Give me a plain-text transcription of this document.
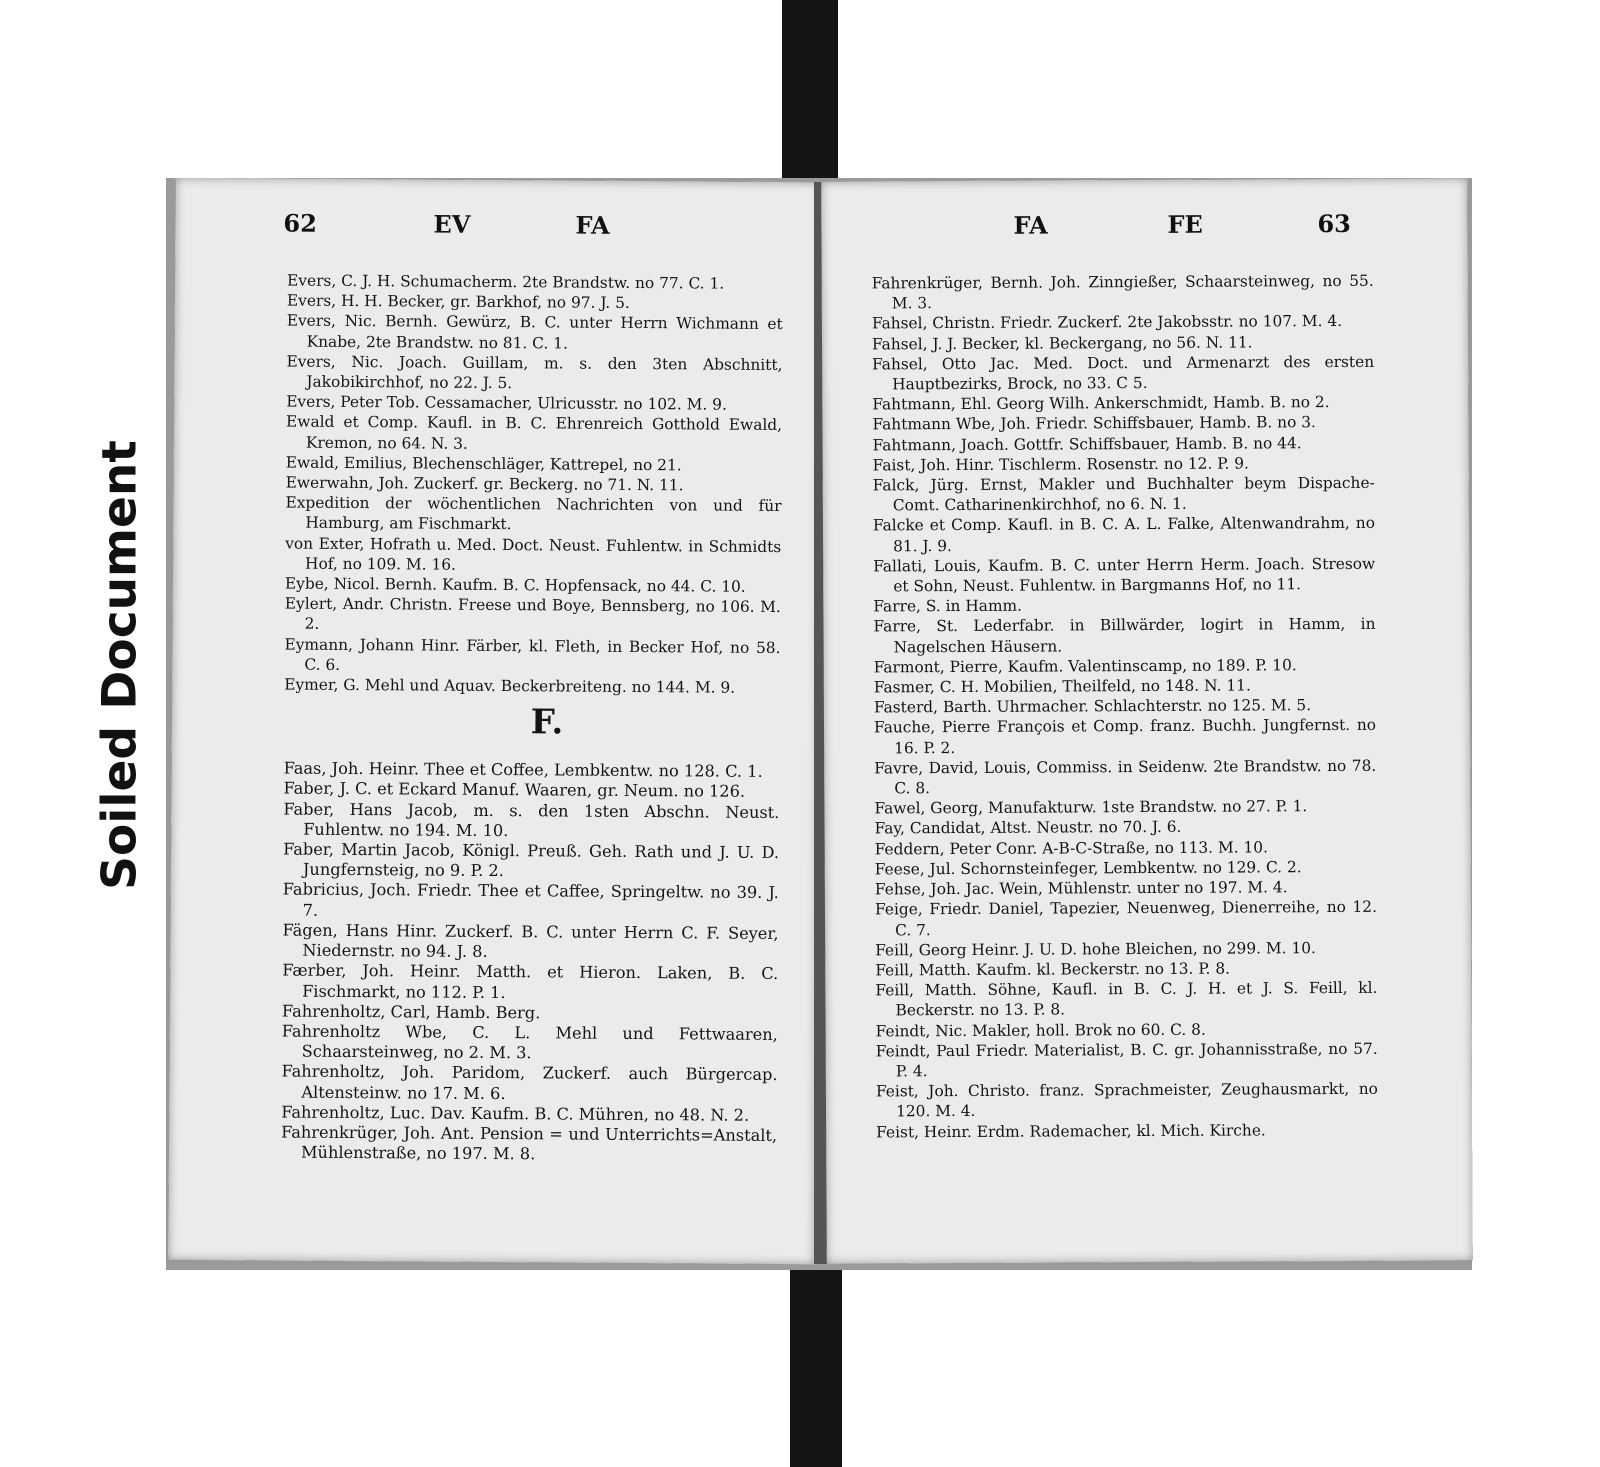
Soiled Document
62	EV	FA
Evers, C. J. H. Schumacherm. 2te Brandstw. no 77. C. 1.
Evers, H. H. Becker, gr. Barkhof, no 97. J. 5.
Evers, Nic. Bernh. Gewürz, B. C. unter Herrn Wichmann et Knabe, 2te Brandstw. no 81. C. 1.
Evers, Nic. Joach. Guillam, m. s. den 3ten Abschnitt, Jakobikirchhof, no 22. J. 5.
Evers, Peter Tob. Cessamacher, Ulricusstr. no 102. M. 9.
Ewald et Comp. Kaufl. in B. C. Ehrenreich Gotthold Ewald, Kremon, no 64. N. 3.
Ewald, Emilius, Blechenschläger, Kattrepel, no 21.
Ewerwahn, Joh. Zuckerf. gr. Beckerg. no 71. N. 11.
Expedition der wöchentlichen Nachrichten von und für Hamburg, am Fischmarkt.
von Exter, Hofrath u. Med. Doct. Neust. Fuhlentw. in Schmidts Hof, no 109. M. 16.
Eybe, Nicol. Bernh. Kaufm. B. C. Hopfensack, no 44. C. 10.
Eylert, Andr. Christn. Freese und Boye, Bennsberg, no 106. M. 2.
Eymann, Johann Hinr. Färber, kl. Fleth, in Becker Hof, no 58. C. 6.
Eymer, G. Mehl und Aquav. Beckerbreiteng. no 144. M. 9.
F.
Faas, Joh. Heinr. Thee et Coffee, Lembkentw. no 128. C. 1.
Faber, J. C. et Eckard Manuf. Waaren, gr. Neum. no 126.
Faber, Hans Jacob, m. s. den 1sten Abschn. Neust. Fuhlentw. no 194. M. 10.
Faber, Martin Jacob, Königl. Preuß. Geh. Rath und J. U. D. Jungfernsteig, no 9. P. 2.
Fabricius, Joch. Friedr. Thee et Caffee, Springeltw. no 39. J. 7.
Fägen, Hans Hinr. Zuckerf. B. C. unter Herrn C. F. Seyer, Niedernstr. no 94. J. 8.
Færber, Joh. Heinr. Matth. et Hieron. Laken, B. C. Fischmarkt, no 112. P. 1.
Fahrenholtz, Carl, Hamb. Berg.
Fahrenholtz Wbe, C. L. Mehl und Fettwaaren, Schaarsteinweg, no 2. M. 3.
Fahrenholtz, Joh. Paridom, Zuckerf. auch Bürgercap. Altensteinw. no 17. M. 6.
Fahrenholtz, Luc. Dav. Kaufm. B. C. Mühren, no 48. N. 2.
Fahrenkrüger, Joh. Ant. Pension = und Unterrichts=Anstalt, Mühlenstraße, no 197. M. 8.
FA	FE	63
Fahrenkrüger, Bernh. Joh. Zinngießer, Schaarsteinweg, no 55. M. 3.
Fahsel, Christn. Friedr. Zuckerf. 2te Jakobsstr. no 107. M. 4.
Fahsel, J. J. Becker, kl. Beckergang, no 56. N. 11.
Fahsel, Otto Jac. Med. Doct. und Armenarzt des ersten Hauptbezirks, Brock, no 33. C 5.
Fahtmann, Ehl. Georg Wilh. Ankerschmidt, Hamb. B. no 2.
Fahtmann Wbe, Joh. Friedr. Schiffsbauer, Hamb. B. no 3.
Fahtmann, Joach. Gottfr. Schiffsbauer, Hamb. B. no 44.
Faist, Joh. Hinr. Tischlerm. Rosenstr. no 12. P. 9.
Falck, Jürg. Ernst, Makler und Buchhalter beym Dispache-Comt. Catharinenkirchhof, no 6. N. 1.
Falcke et Comp. Kaufl. in B. C. A. L. Falke, Altenwandrahm, no 81. J. 9.
Fallati, Louis, Kaufm. B. C. unter Herrn Herm. Joach. Stresow et Sohn, Neust. Fuhlentw. in Bargmanns Hof, no 11.
Farre, S. in Hamm.
Farre, St. Lederfabr. in Billwärder, logirt in Hamm, in Nagelschen Häusern.
Farmont, Pierre, Kaufm. Valentinscamp, no 189. P. 10.
Fasmer, C. H. Mobilien, Theilfeld, no 148. N. 11.
Fasterd, Barth. Uhrmacher. Schlachterstr. no 125. M. 5.
Fauche, Pierre François et Comp. franz. Buchh. Jungfernst. no 16. P. 2.
Favre, David, Louis, Commiss. in Seidenw. 2te Brandstw. no 78. C. 8.
Fawel, Georg, Manufakturw. 1ste Brandstw. no 27. P. 1.
Fay, Candidat, Altst. Neustr. no 70. J. 6.
Feddern, Peter Conr. A-B-C-Straße, no 113. M. 10.
Feese, Jul. Schornsteinfeger, Lembkentw. no 129. C. 2.
Fehse, Joh. Jac. Wein, Mühlenstr. unter no 197. M. 4.
Feige, Friedr. Daniel, Tapezier, Neuenweg, Dienerreihe, no 12. C. 7.
Feill, Georg Heinr. J. U. D. hohe Bleichen, no 299. M. 10.
Feill, Matth. Kaufm. kl. Beckerstr. no 13. P. 8.
Feill, Matth. Söhne, Kaufl. in B. C. J. H. et J. S. Feill, kl. Beckerstr. no 13. P. 8.
Feindt, Nic. Makler, holl. Brok no 60. C. 8.
Feindt, Paul Friedr. Materialist, B. C. gr. Johannisstraße, no 57. P. 4.
Feist, Joh. Christo. franz. Sprachmeister, Zeughausmarkt, no 120. M. 4.
Feist, Heinr. Erdm. Rademacher, kl. Mich. Kirche.
